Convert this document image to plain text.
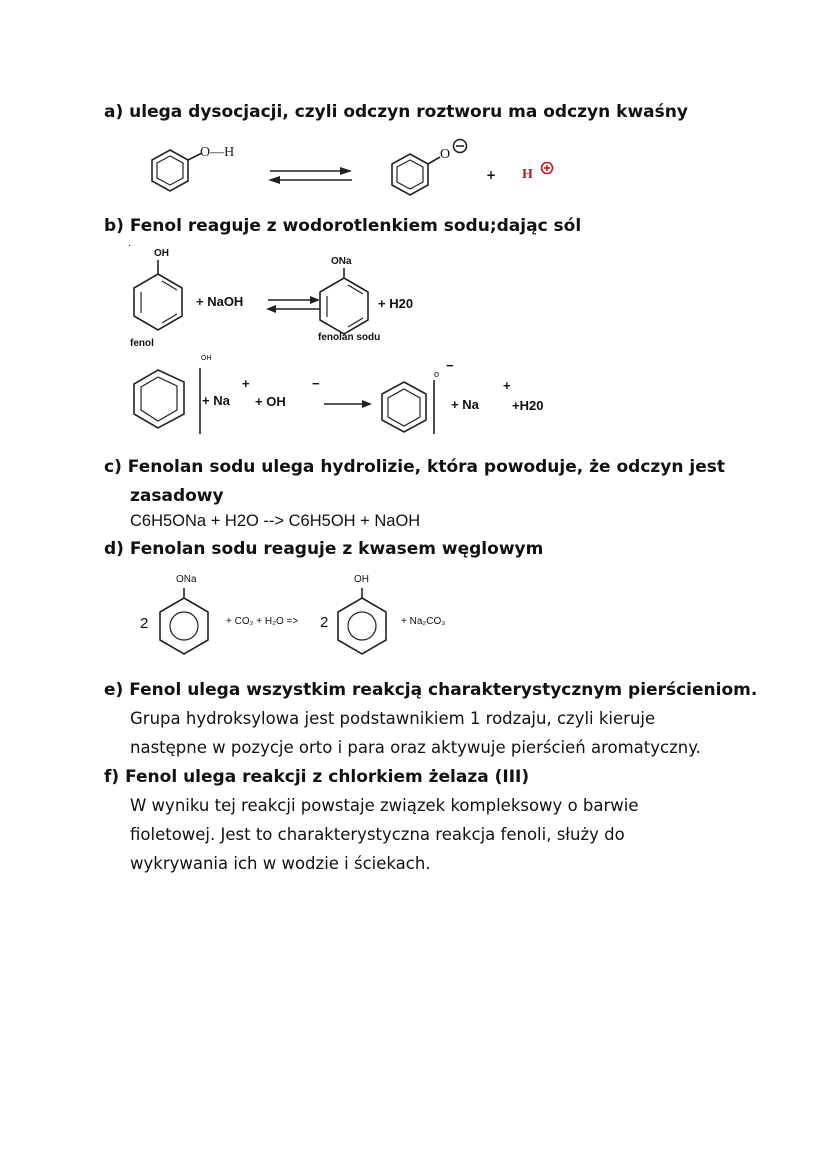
a) ulega dysocjacji, czyli odczyn roztworu ma odczyn kwaśny

O—H	O
+ H
b) Fenol reaguje z wodorotlenkiem sodu;dając sól
.
OH
fenol
+ NaOH
ONa
fenolan sodu
+ H20
OH
+ Na
+
+ OH
−
o
−
+ Na
+
+H20
c) Fenolan sodu ulega hydrolizie, która powoduje, że odczyn jest
zasadowy
C6H5ONa + H2O --> C6H5OH + NaOH
d) Fenolan sodu reaguje z kwasem węglowym
ONa
2	+ CO₂ + H₂O => 2
OH
+ Na₂CO₃
e) Fenol ulega wszystkim reakcją charakterystycznym pierścieniom.
Grupa hydroksylowa jest podstawnikiem 1 rodzaju, czyli kieruje
następne w pozycje orto i para oraz aktywuje pierścień aromatyczny.
f) Fenol ulega reakcji z chlorkiem żelaza (III)
W wyniku tej reakcji powstaje związek kompleksowy o barwie
fioletowej. Jest to charakterystyczna reakcja fenoli, służy do
wykrywania ich w wodzie i ściekach.
